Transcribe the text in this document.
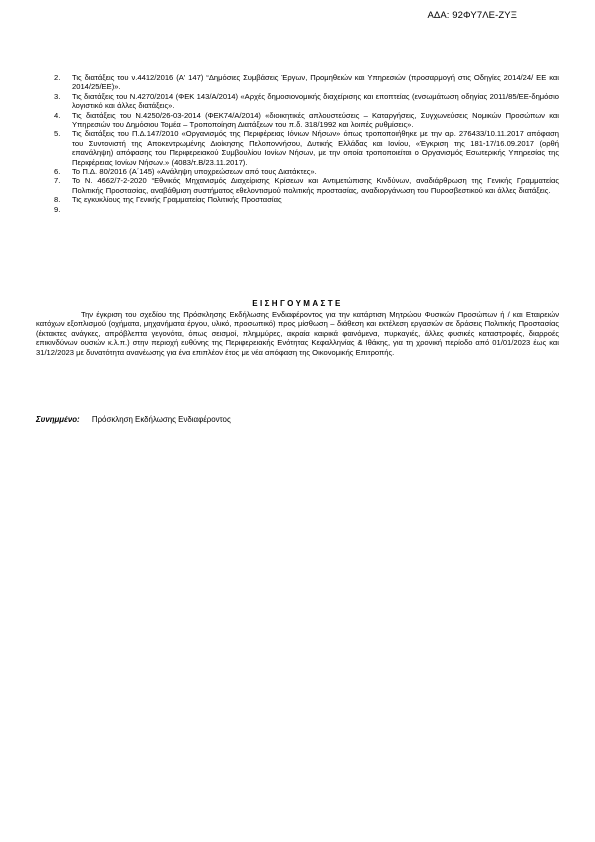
ΑΔΑ: 92ΦΥ7ΛΕ-ΖΥΞ
2.	Τις διατάξεις του ν.4412/2016 (Α' 147) “Δημόσιες Συμβάσεις Έργων, Προμηθειών και Υπηρεσιών (προσαρμογή στις Οδηγίες 2014/24/ ΕΕ και 2014/25/ΕΕ)».
3.	Τις διατάξεις του N.4270/2014 (ΦΕΚ 143/Α/2014) «Αρχές δημοσιονομικής διαχείρισης και εποπτείας (ενσωμάτωση οδηγίας 2011/85/ΕΕ-δημόσιο λογιστικό και άλλες διατάξεις».
4.	Τις διατάξεις του N.4250/26-03-2014 (ΦΕΚ74/Α/2014) «διοικητικές απλουστεύσεις – Καταργήσεις, Συγχωνεύσεις Νομικών Προσώπων και Υπηρεσιών του Δημόσιου Τομέα – Τροποποίηση Διατάξεων του π.δ. 318/1992 και λοιπές ρυθμίσεις».
5.	Τις διατάξεις του Π.Δ.147/2010 «Οργανισμός της Περιφέρειας Ιόνιων Νήσων» όπως τροποποιήθηκε με την αρ. 276433/10.11.2017 απόφαση του Συντονιστή της Αποκεντρωμένης Διοίκησης Πελοποννήσου, Δυτικής Ελλάδας και Ιονίου, «Έγκριση της 181-17/16.09.2017 (ορθή επανάληψη) απόφασης του Περιφερειακού Συμβουλίου Ιονίων Νήσων, με την οποία τροποποιείται ο Οργανισμός Εσωτερικής Υπηρεσίας της Περιφέρειας Ιονίων Νήσων.» (4083/τ.Β/23.11.2017).
6.	Το Π.Δ. 80/2016 (Α΄145) «Ανάληψη υποχρεώσεων από τους Διατάκτες».
7.	Το Ν. 4662/7-2-2020 “Εθνικός Μηχανισμός Διαχείρισης Κρίσεων και Αντιμετώπισης Κινδύνων, αναδιάρθρωση της Γενικής Γραμματείας Πολιτικής Προστασίας, αναβάθμιση συστήματος εθελοντισμού πολιτικής προστασίας, αναδιοργάνωση του Πυροσβεστικού και άλλες διατάξεις.
8.	Τις εγκυκλίους της Γενικής Γραμματείας Πολιτικής Προστασίας
9.
ΕΙΣΗΓΟΥΜΑΣΤΕ
Την έγκριση του σχεδίου της Πρόσκλησης Εκδήλωσης Ενδιαφέροντος για την κατάρτιση Μητρώου Φυσικών Προσώπων ή / και Εταιρειών κατόχων εξοπλισμού (οχήματα, μηχανήματα έργου, υλικό, προσωπικό) προς μίσθωση – διάθεση και εκτέλεση εργασιών σε δράσεις Πολιτικής Προστασίας (έκτακτες ανάγκες, απρόβλεπτα γεγονότα, όπως σεισμοί, πλημμύρες, ακραία καιρικά φαινόμενα, πυρκαγιές, άλλες φυσικές καταστροφές, διαρροές επικινδύνων ουσιών κ.λ.π.) στην περιοχή ευθύνης της Περιφερειακής Ενότητας Κεφαλληνίας & Ιθάκης, για τη χρονική περίοδο από 01/01/2023 έως και 31/12/2023 με δυνατότητα ανανέωσης για ένα επιπλέον έτος με νέα απόφαση της Οικονομικής Επιτροπής.
Συνημμένο: Πρόσκληση Εκδήλωσης Ενδιαφέροντος
